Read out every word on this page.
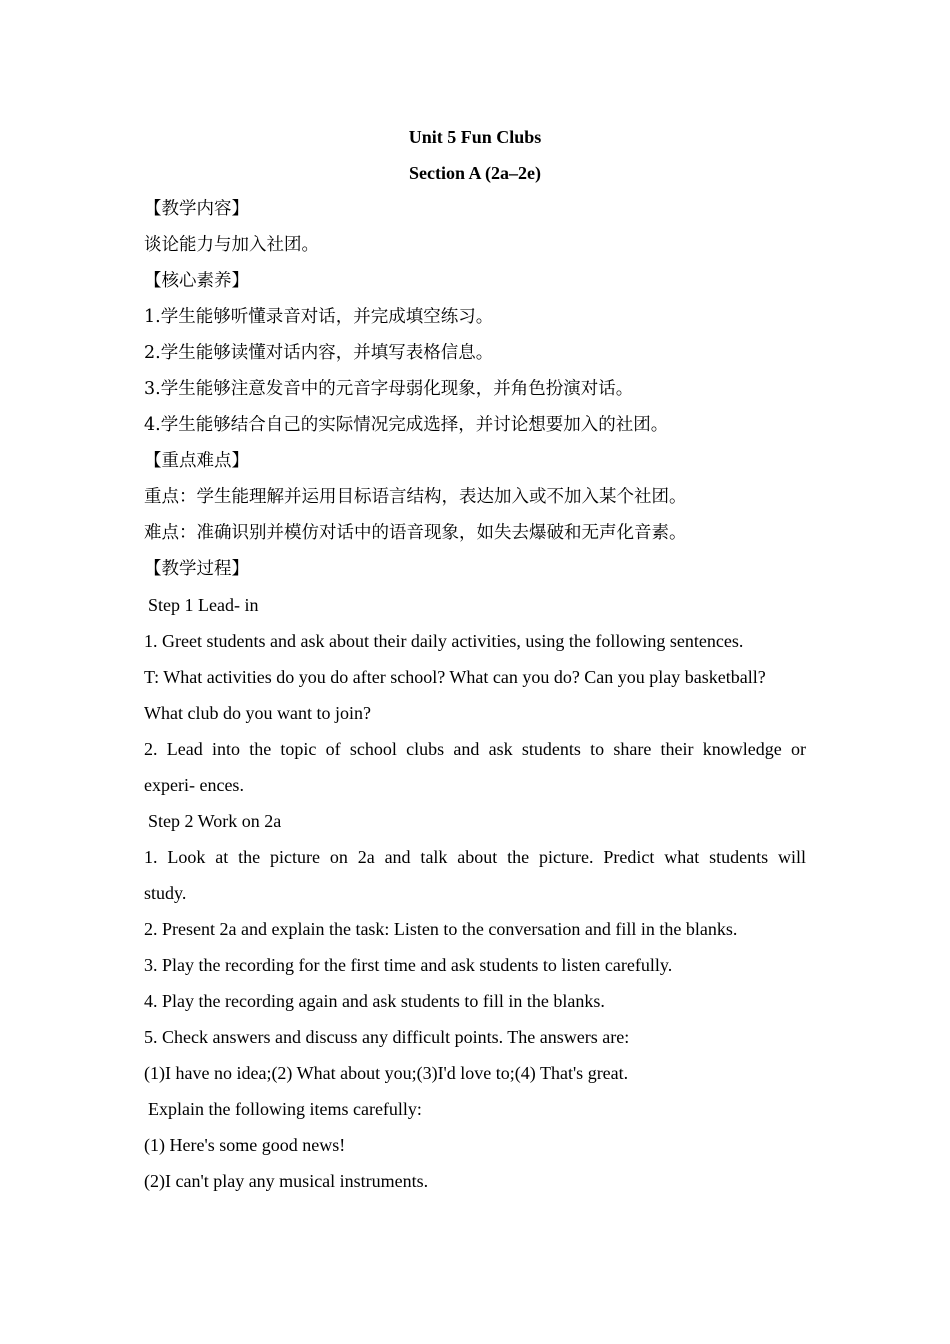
Unit 5 Fun Clubs
Section A (2a–2e)
【教学内容】
谈论能力与加入社团。
【核心素养】
1.学生能够听懂录音对话，并完成填空练习。
2.学生能够读懂对话内容，并填写表格信息。
3.学生能够注意发音中的元音字母弱化现象，并角色扮演对话。
4.学生能够结合自己的实际情况完成选择，并讨论想要加入的社团。
【重点难点】
重点：学生能理解并运用目标语言结构，表达加入或不加入某个社团。
难点：准确识别并模仿对话中的语音现象，如失去爆破和无声化音素。
【教学过程】
Step 1 Lead- in
1. Greet students and ask about their daily activities, using the following sentences.
T: What activities do you do after school? What can you do? Can you play basketball?
What club do you want to join?
2. Lead into the topic of school clubs and ask students to share their knowledge or
experi- ences.
Step 2 Work on 2a
1. Look at the picture on 2a and talk about the picture. Predict what students will
study.
2. Present 2a and explain the task: Listen to the conversation and fill in the blanks.
3. Play the recording for the first time and ask students to listen carefully.
4. Play the recording again and ask students to fill in the blanks.
5. Check answers and discuss any difficult points. The answers are:
(1)I have no idea;(2) What about you;(3)I'd love to;(4) That's great.
Explain the following items carefully:
(1) Here's some good news!
(2)I can't play any musical instruments.
